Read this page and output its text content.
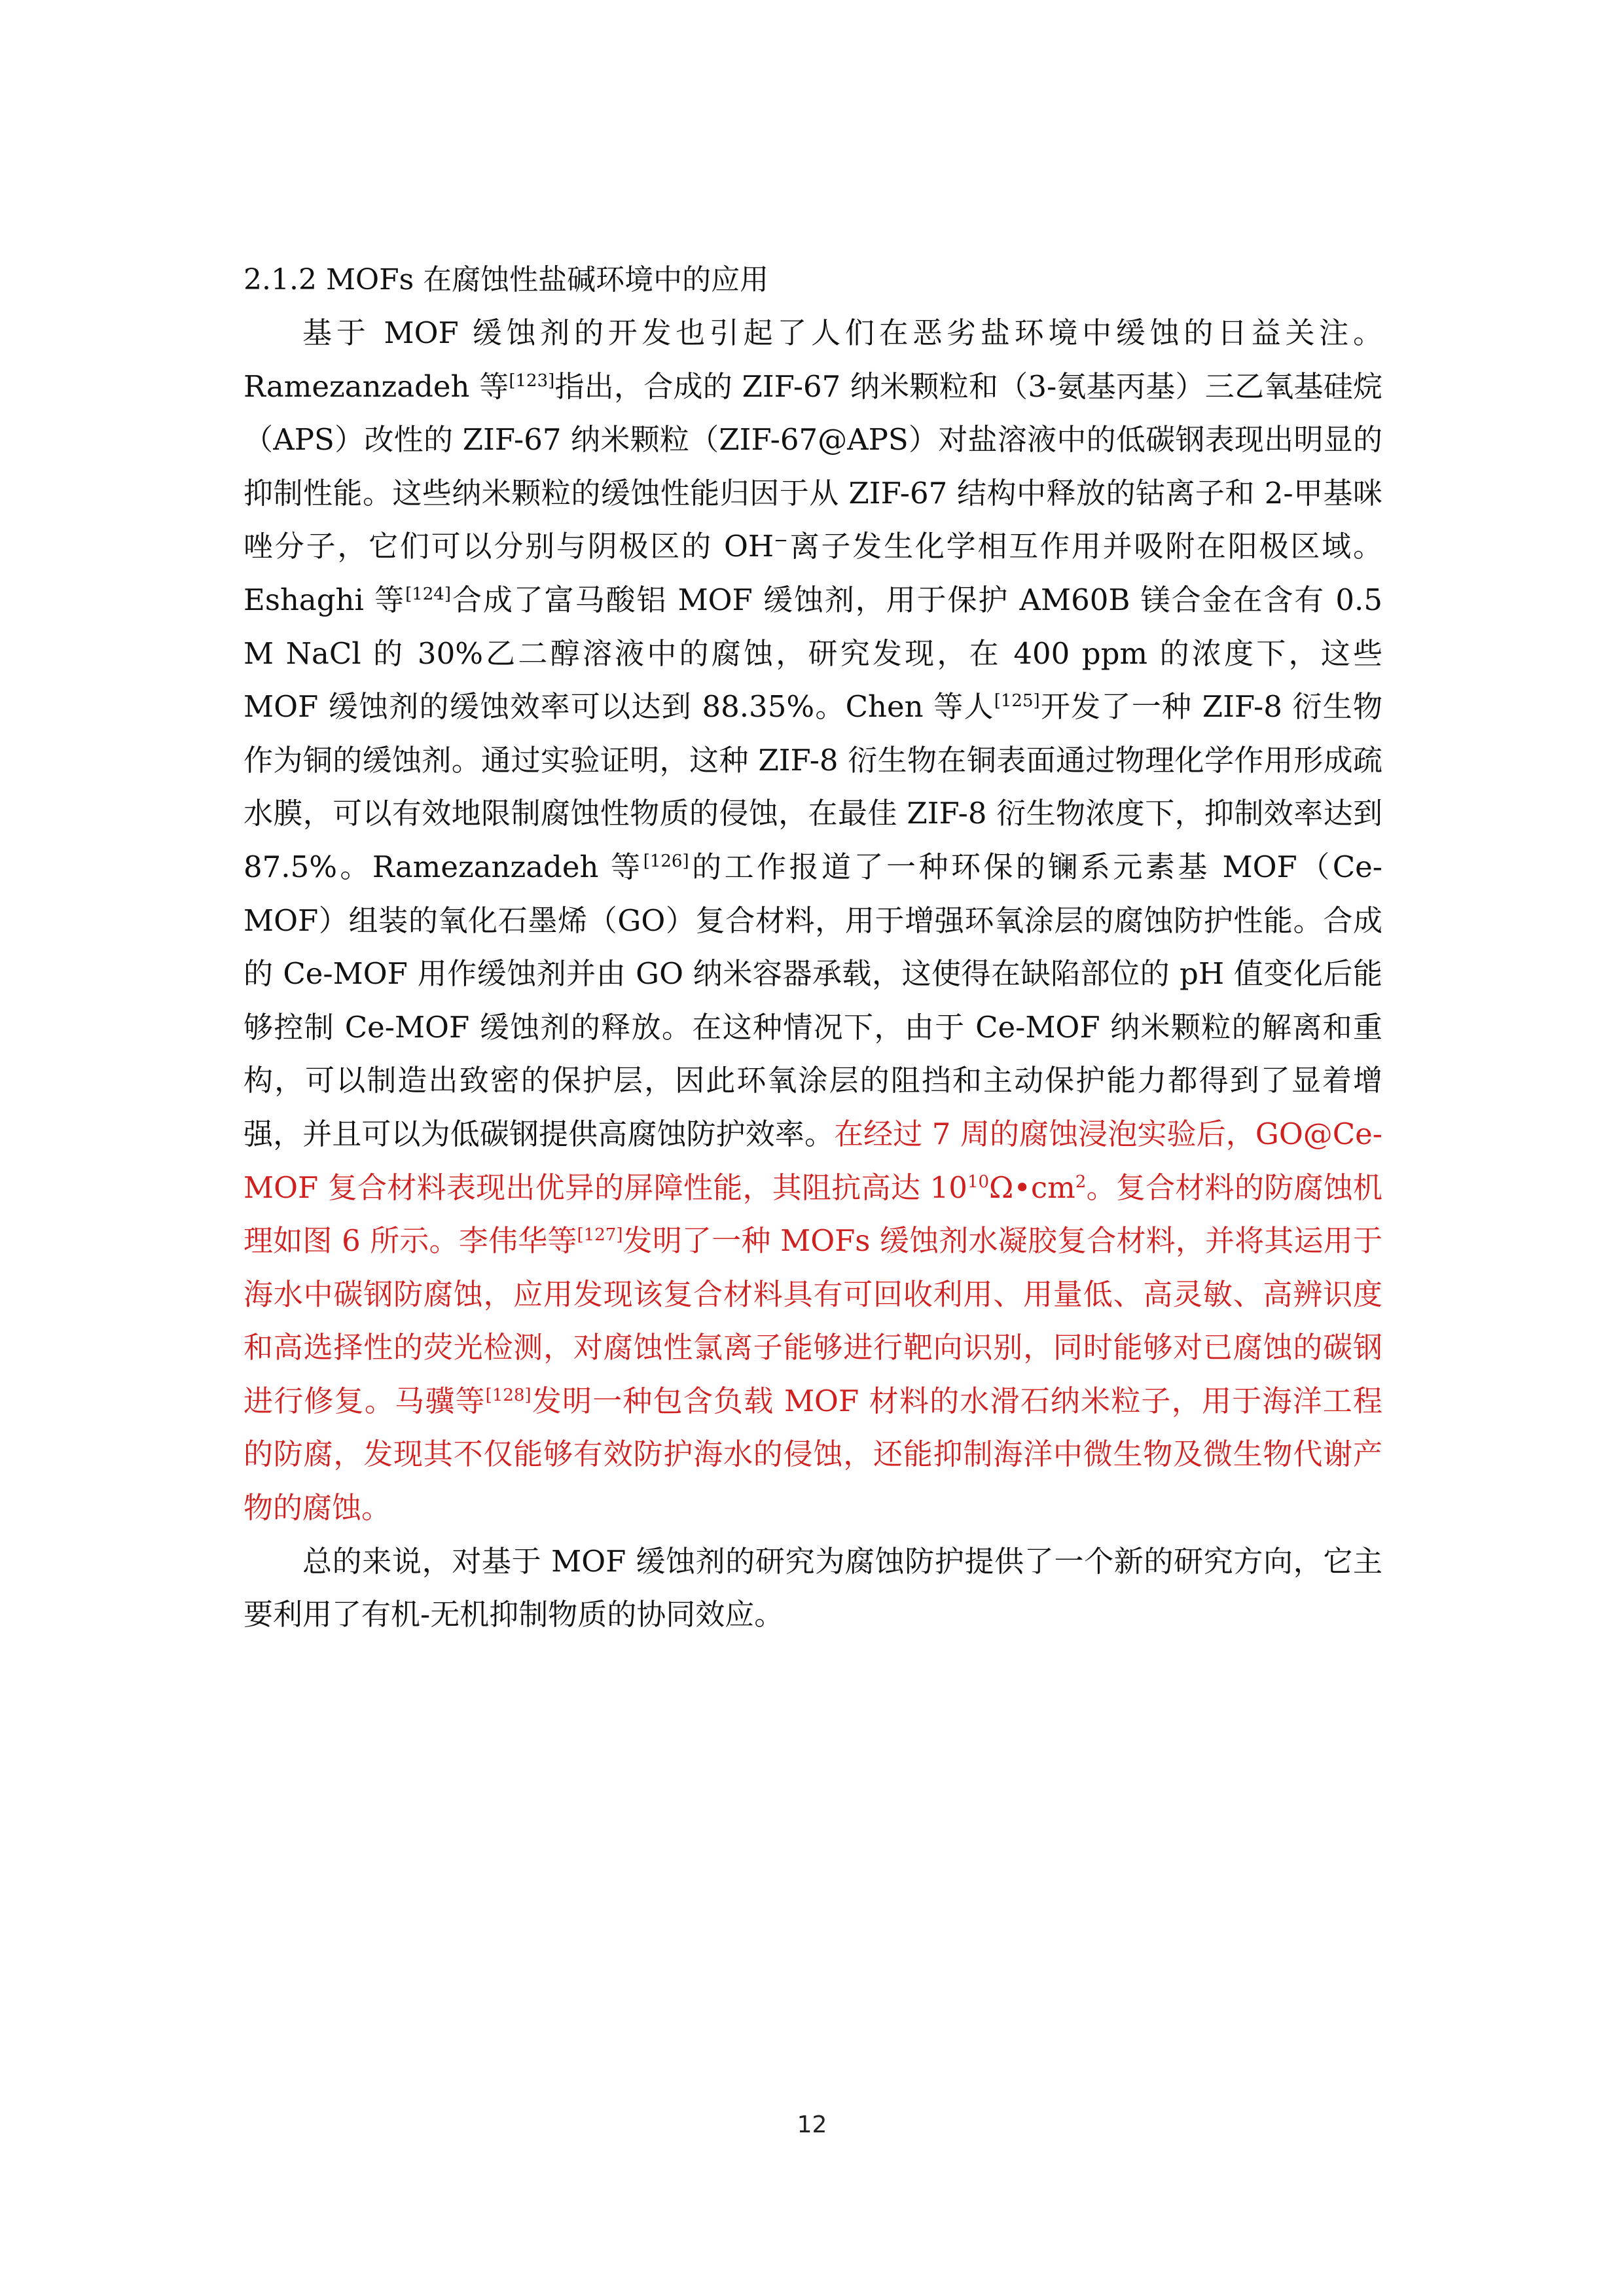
2.1.2 MOFs 在腐蚀性盐碱环境中的应用

基于 MOF 缓蚀剂的开发也引起了人们在恶劣盐环境中缓蚀的日益关注。Ramezanzadeh 等[123]指出，合成的 ZIF-67 纳米颗粒和（3-氨基丙基）三乙氧基硅烷（APS）改性的 ZIF-67 纳米颗粒（ZIF-67@APS）对盐溶液中的低碳钢表现出明显的抑制性能。这些纳米颗粒的缓蚀性能归因于从 ZIF-67 结构中释放的钴离子和 2-甲基咪唑分子，它们可以分别与阴极区的 OH−离子发生化学相互作用并吸附在阳极区域。Eshaghi 等[124]合成了富马酸铝 MOF 缓蚀剂，用于保护 AM60B 镁合金在含有 0.5 M NaCl 的 30%乙二醇溶液中的腐蚀，研究发现，在 400 ppm 的浓度下，这些 MOF 缓蚀剂的缓蚀效率可以达到 88.35%。Chen 等人[125]开发了一种 ZIF-8 衍生物作为铜的缓蚀剂。通过实验证明，这种 ZIF-8 衍生物在铜表面通过物理化学作用形成疏水膜，可以有效地限制腐蚀性物质的侵蚀，在最佳 ZIF-8 衍生物浓度下，抑制效率达到 87.5%。Ramezanzadeh 等[126]的工作报道了一种环保的镧系元素基 MOF（Ce-MOF）组装的氧化石墨烯（GO）复合材料，用于增强环氧涂层的腐蚀防护性能。合成的 Ce-MOF 用作缓蚀剂并由 GO 纳米容器承载，这使得在缺陷部位的 pH 值变化后能够控制 Ce-MOF 缓蚀剂的释放。在这种情况下，由于 Ce-MOF 纳米颗粒的解离和重构，可以制造出致密的保护层，因此环氧涂层的阻挡和主动保护能力都得到了显着增强，并且可以为低碳钢提供高腐蚀防护效率。在经过 7 周的腐蚀浸泡实验后，GO@Ce-MOF 复合材料表现出优异的屏障性能，其阻抗高达 $10^{10}\Omega•cm^2$。复合材料的防腐蚀机理如图 6 所示。李伟华等[127]发明了一种 MOFs 缓蚀剂水凝胶复合材料，并将其运用于海水中碳钢防腐蚀，应用发现该复合材料具有可回收利用、用量低、高灵敏、高辨识度和高选择性的荧光检测，对腐蚀性氯离子能够进行靶向识别，同时能够对已腐蚀的碳钢进行修复。马骥等[128]发明一种包含负载 MOF 材料的水滑石纳米粒子，用于海洋工程的防腐，发现其不仅能够有效防护海水的侵蚀，还能抑制海洋中微生物及微生物代谢产物的腐蚀。

总的来说，对基于 MOF 缓蚀剂的研究为腐蚀防护提供了一个新的研究方向，它主要利用了有机-无机抑制物质的协同效应。

12
